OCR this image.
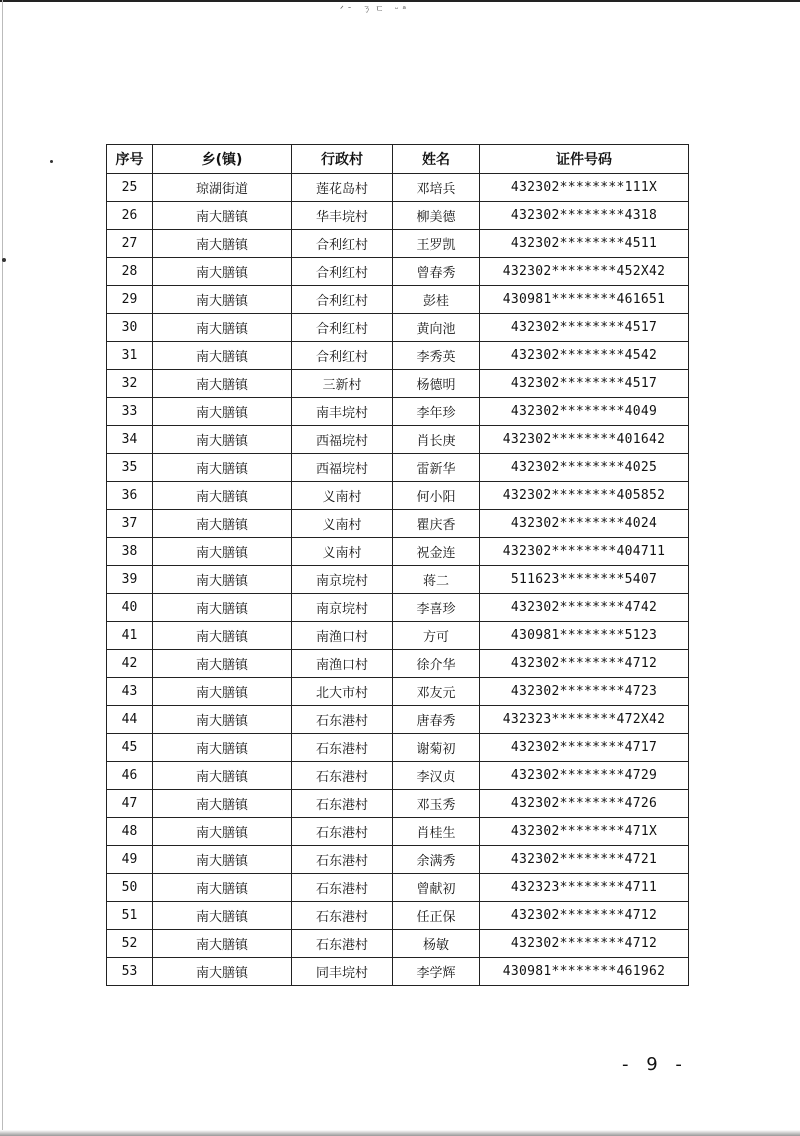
ᐟᐨ ㄋㄷ ᵕᵃ
序号	乡(镇)	行政村	姓名	证件号码
25	琼湖街道	莲花岛村	邓培兵	432302********111X
26	南大膳镇	华丰垸村	柳美德	432302********4318
27	南大膳镇	合利红村	王罗凯	432302********4511
28	南大膳镇	合利红村	曾春秀	432302********452X42
29	南大膳镇	合利红村	彭桂	430981********461651
30	南大膳镇	合利红村	黄向池	432302********4517
31	南大膳镇	合利红村	李秀英	432302********4542
32	南大膳镇	三新村	杨德明	432302********4517
33	南大膳镇	南丰垸村	李年珍	432302********4049
34	南大膳镇	西福垸村	肖长庚	432302********401642
35	南大膳镇	西福垸村	雷新华	432302********4025
36	南大膳镇	义南村	何小阳	432302********405852
37	南大膳镇	义南村	瞿庆香	432302********4024
38	南大膳镇	义南村	祝金连	432302********404711
39	南大膳镇	南京垸村	蒋二	511623********5407
40	南大膳镇	南京垸村	李喜珍	432302********4742
41	南大膳镇	南渔口村	方可	430981********5123
42	南大膳镇	南渔口村	徐介华	432302********4712
43	南大膳镇	北大市村	邓友元	432302********4723
44	南大膳镇	石东港村	唐春秀	432323********472X42
45	南大膳镇	石东港村	谢菊初	432302********4717
46	南大膳镇	石东港村	李汉贞	432302********4729
47	南大膳镇	石东港村	邓玉秀	432302********4726
48	南大膳镇	石东港村	肖桂生	432302********471X
49	南大膳镇	石东港村	余满秀	432302********4721
50	南大膳镇	石东港村	曾献初	432323********4711
51	南大膳镇	石东港村	任正保	432302********4712
52	南大膳镇	石东港村	杨敏	432302********4712
53	南大膳镇	同丰垸村	李学辉	430981********461962
- 9 -
